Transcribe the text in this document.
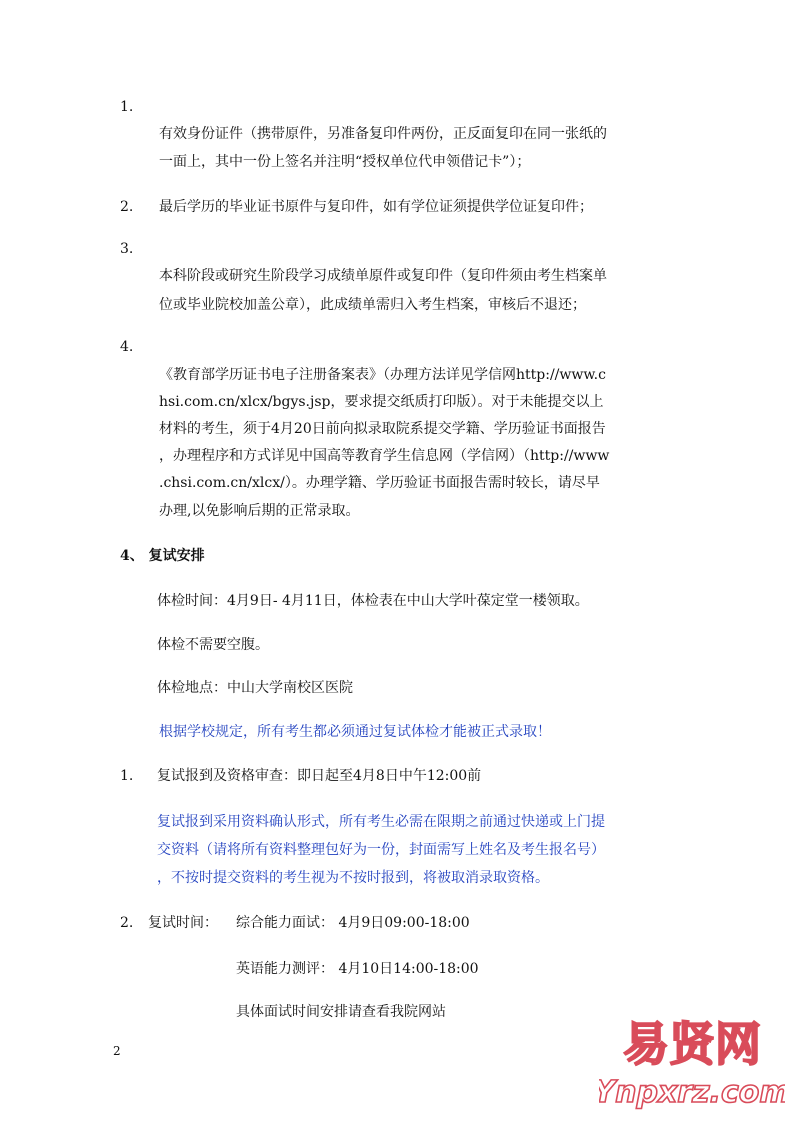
1.
有效身份证件（携带原件，另准备复印件两份，正反面复印在同一张纸的
一面上，其中一份上签名并注明“授权单位代申领借记卡”）；
2. 最后学历的毕业证书原件与复印件，如有学位证须提供学位证复印件；
3.
本科阶段或研究生阶段学习成绩单原件或复印件（复印件须由考生档案单
位或毕业院校加盖公章），此成绩单需归入考生档案，审核后不退还；
4.
《教育部学历证书电子注册备案表》（办理方法详见学信网http://www.c
hsi.com.cn/xlcx/bgys.jsp，要求提交纸质打印版）。对于未能提交以上
材料的考生，须于4月20日前向拟录取院系提交学籍、学历验证书面报告
，办理程序和方式详见中国高等教育学生信息网（学信网）（http://www
.chsi.com.cn/xlcx/）。办理学籍、学历验证书面报告需时较长，请尽早
办理,以免影响后期的正常录取。
4、 复试安排
体检时间：4月9日- 4月11日，体检表在中山大学叶葆定堂一楼领取。
体检不需要空腹。
体检地点：中山大学南校区医院
根据学校规定，所有考生都必须通过复试体检才能被正式录取！
1. 复试报到及资格审查：即日起至4月8日中午12:00前
复试报到采用资料确认形式，所有考生必需在限期之前通过快递或上门提
交资料（请将所有资料整理包好为一份，封面需写上姓名及考生报名号）
，不按时提交资料的考生视为不按时报到，将被取消录取资格。
2. 复试时间： 综合能力面试： 4月9日09:00-18:00
英语能力测评： 4月10日14:00-18:00
具体面试时间安排请查看我院网站
2	易贤网
Ynpxrz.com
